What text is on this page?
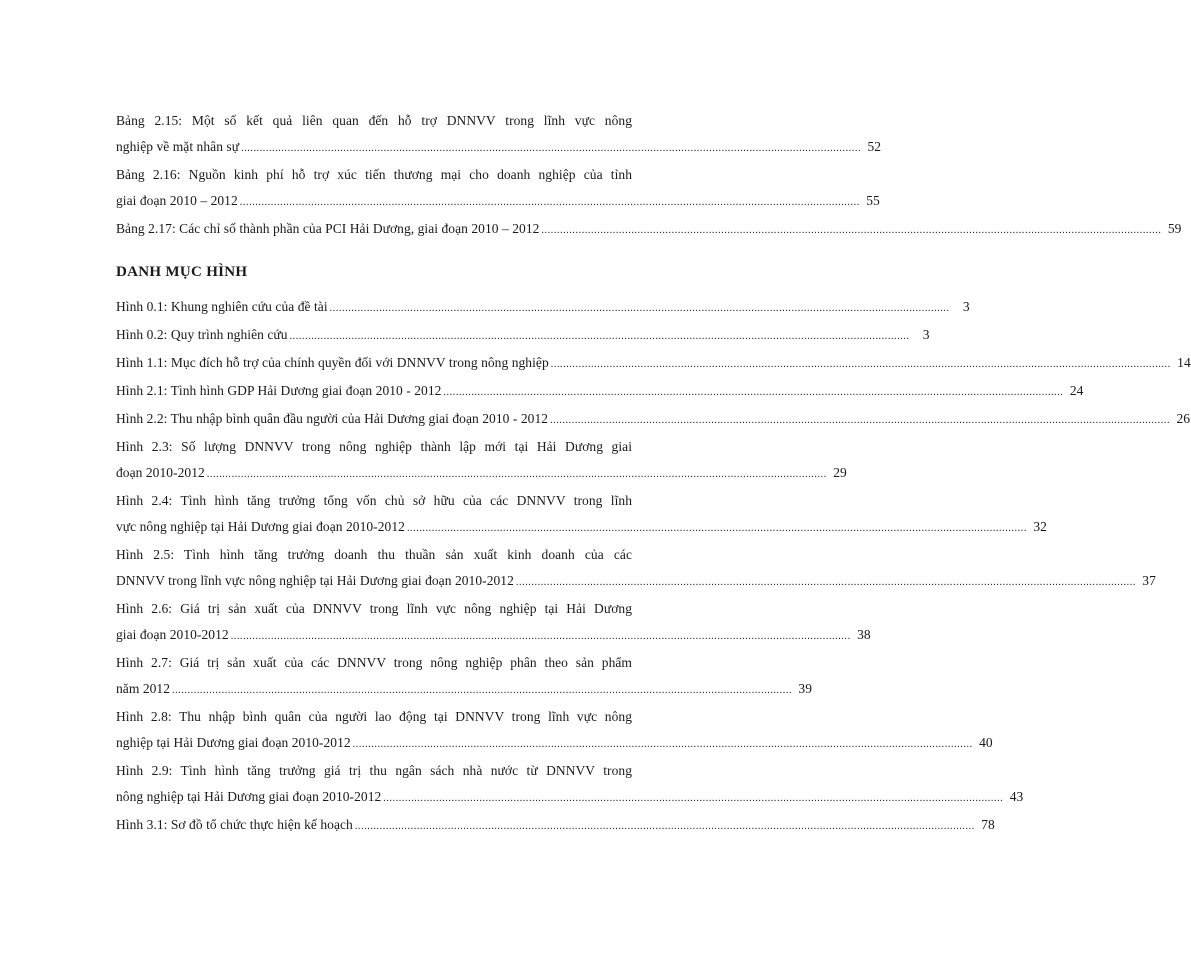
Bảng 2.15: Một số kết quả liên quan đến hỗ trợ DNNVV trong lĩnh vực nông
nghiệp về mặt nhân sự ........................................................................................................................................................................................................ 52
Bảng 2.16: Nguồn kinh phí hỗ trợ xúc tiến thương mại cho doanh nghiệp của tỉnh
giai đoạn 2010 – 2012 ........................................................................................................................................................................................................ 55
Bảng 2.17: Các chỉ số thành phần của PCI Hải Dương, giai đoạn 2010 – 2012 ........................................................................................................................................................................................................ 59
DANH MỤC HÌNH
Hình 0.1: Khung nghiên cứu của đề tài ........................................................................................................................................................................................................ 3
Hình 0.2: Quy trình nghiên cứu ........................................................................................................................................................................................................ 3
Hình 1.1: Mục đích hỗ trợ của chính quyền đối với DNNVV trong nông nghiệp ........................................................................................................................................................................................................ 14
Hình 2.1: Tình hình GDP Hải Dương giai đoạn 2010 - 2012 ........................................................................................................................................................................................................ 24
Hình 2.2: Thu nhập bình quân đầu người của Hải Dương giai đoạn 2010 - 2012 ........................................................................................................................................................................................................ 26
Hình 2.3: Số lượng DNNVV trong nông nghiệp thành lập mới tại Hải Dương giai
đoạn 2010-2012 ........................................................................................................................................................................................................ 29
Hình 2.4: Tình hình tăng trưởng tổng vốn chủ sở hữu của các DNNVV trong lĩnh
vực nông nghiệp tại Hải Dương giai đoạn 2010-2012 ........................................................................................................................................................................................................ 32
Hình 2.5: Tình hình tăng trưởng doanh thu thuần sản xuất kinh doanh của các
DNNVV trong lĩnh vực nông nghiệp tại Hải Dương giai đoạn 2010-2012 ........................................................................................................................................................................................................ 37
Hình 2.6: Giá trị sản xuất của DNNVV trong lĩnh vực nông nghiệp tại Hải Dương
giai đoạn 2010-2012 ........................................................................................................................................................................................................ 38
Hình 2.7: Giá trị sản xuất của các DNNVV trong nông nghiệp phân theo sản phẩm
năm 2012 ........................................................................................................................................................................................................ 39
Hình 2.8: Thu nhập bình quân của người lao động tại DNNVV trong lĩnh vực nông
nghiệp tại Hải Dương giai đoạn 2010-2012 ........................................................................................................................................................................................................ 40
Hình 2.9: Tình hình tăng trưởng giá trị thu ngân sách nhà nước từ DNNVV trong
nông nghiệp tại Hải Dương giai đoạn 2010-2012 ........................................................................................................................................................................................................ 43
Hình 3.1: Sơ đồ tổ chức thực hiện kế hoạch ........................................................................................................................................................................................................ 78
